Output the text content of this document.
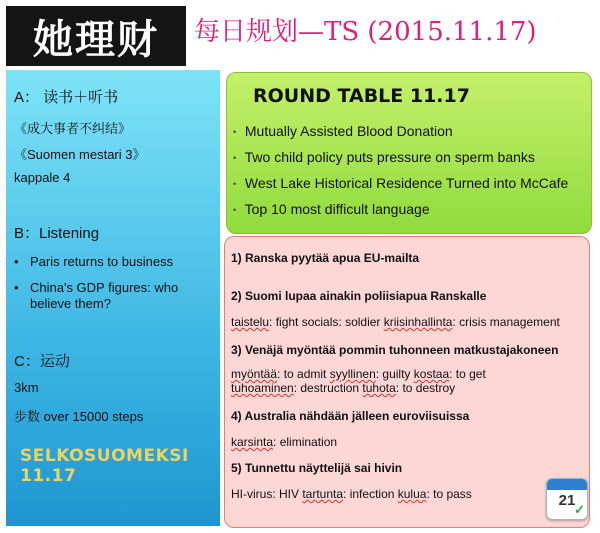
她理财 每日规划—TS (2015.11.17)
A： 读书＋听书
《成大事者不纠结》
《Suomen mestari 3》
kappale 4
B：Listening
• Paris returns to business
• China's GDP figures: who believe them?
C：运动
3km
步数 over 15000 steps
SELKOSUOMEKSI 11.17
ROUND TABLE 11.17
• Mutually Assisted Blood Donation
• Two child policy puts pressure on sperm banks
• West Lake Historical Residence Turned into McCafe
• Top 10 most difficult language
1) Ranska pyytää apua EU-mailta
2) Suomi lupaa ainakin poliisiapua Ranskalle
taistelu: fight socials: soldier kriisinhallinta: crisis management
3) Venäjä myöntää pommin tuhonneen matkustajakoneen
myöntää: to admit syyllinen: guilty kostaa: to get
tuhoaminen: destruction tuhota: to destroy
4) Australia nähdään jälleen euroviisuissa
karsinta: elimination
5) Tunnettu näyttelijä sai hivin
HI-virus: HIV tartunta: infection kulua: to pass	21
✓
